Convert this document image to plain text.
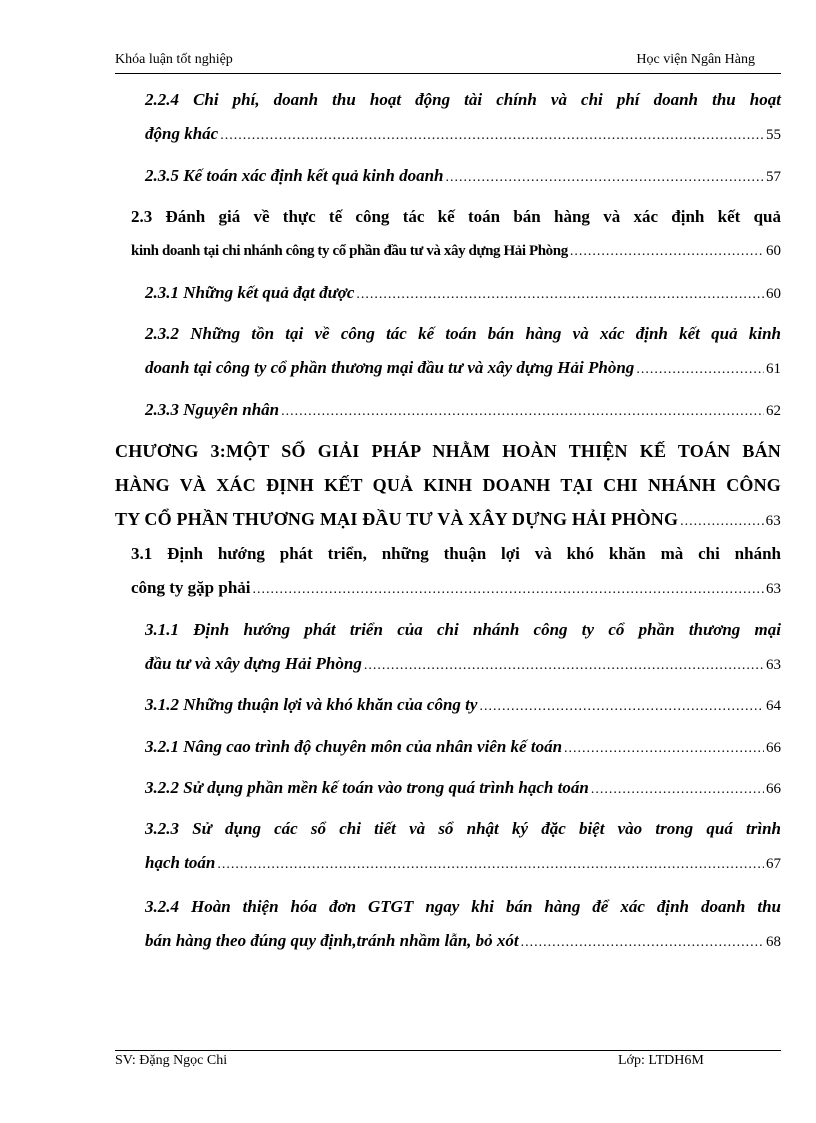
Khóa luận tốt nghiệp	Học viện Ngân Hàng
2.2.4 Chi phí, doanh thu hoạt động tài chính và chi phí doanh thu hoạt
động khác .....	55
2.3.5 Kế toán xác định kết quả kinh doanh .....	57
2.3 Đánh giá về thực tế công tác kế toán bán hàng và xác định kết quả
kinh doanh tại chi nhánh công ty cổ phần đầu tư và xây dựng Hải Phòng .....	60
2.3.1 Những kết quả đạt được .....	60
2.3.2 Những tồn tại về công tác kế toán bán hàng và xác định kết quả kinh
doanh tại công ty cổ phần thương mại đầu tư và xây dựng Hải Phòng .....	61
2.3.3 Nguyên nhân .....	62
CHƯƠNG 3:MỘT SỐ GIẢI PHÁP NHẰM HOÀN THIỆN KẾ TOÁN BÁN
HÀNG VÀ XÁC ĐỊNH KẾT QUẢ KINH DOANH TẠI CHI NHÁNH CÔNG
TY CỔ PHẦN THƯƠNG MẠI ĐẦU TƯ VÀ XÂY DỰNG HẢI PHÒNG .....	63
3.1 Định hướng phát triển, những thuận lợi và khó khăn mà chi nhánh
công ty gặp phải .....	63
3.1.1 Định hướng phát triển của chi nhánh công ty cổ phần thương mại
đầu tư và xây dựng Hải Phòng .....	63
3.1.2 Những thuận lợi và khó khăn của công ty .....	64
3.2.1 Nâng cao trình độ chuyên môn của nhân viên kế toán .....	66
3.2.2 Sử dụng phần mền kế toán vào trong quá trình hạch toán .....	66
3.2.3 Sử dụng các sổ chi tiết và sổ nhật ký đặc biệt vào trong quá trình
hạch toán .....	67
3.2.4 Hoàn thiện hóa đơn GTGT ngay khi bán hàng để xác định doanh thu
bán hàng theo đúng quy định,tránh nhầm lẫn, bỏ xót .....	68
SV: Đặng Ngọc Chi	Lớp: LTDH6M
